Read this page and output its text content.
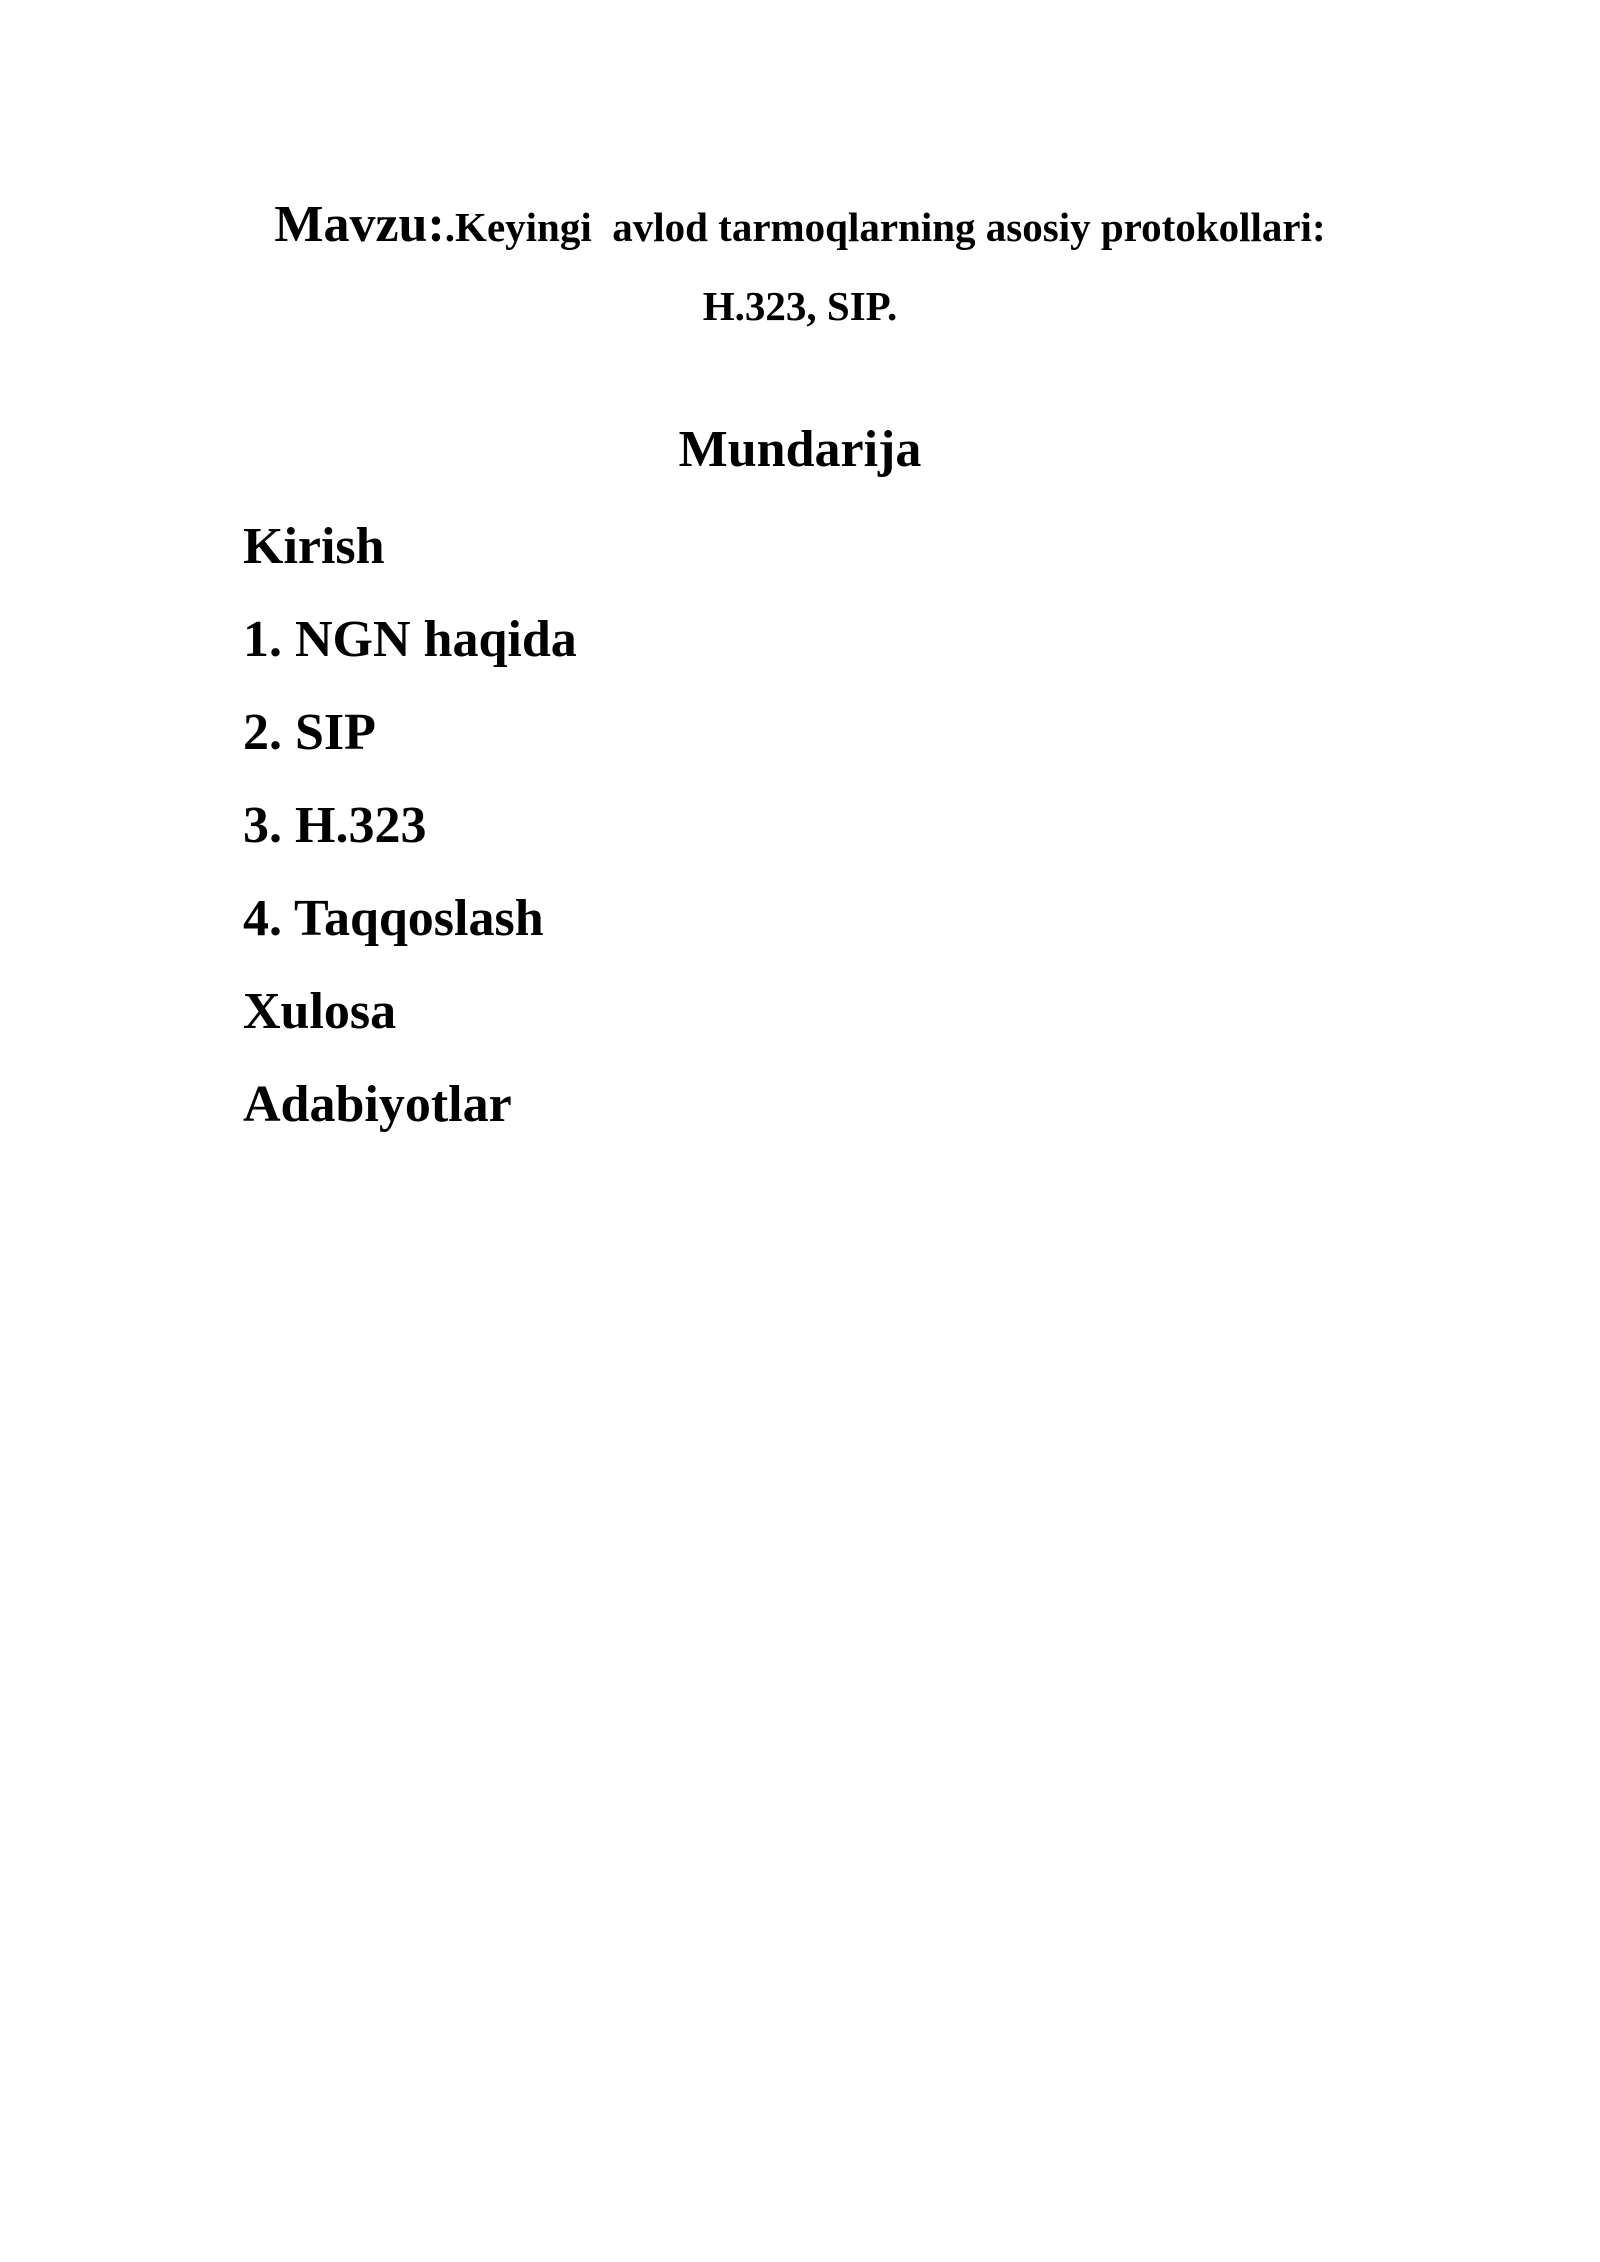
Mavzu:.Keyingi  avlod tarmoqlarning asosiy protokollari:
H.323, SIP.
Mundarija
Kirish
1. NGN haqida
2. SIP
3. H.323
4. Taqqoslash
Xulosa
Adabiyotlar
